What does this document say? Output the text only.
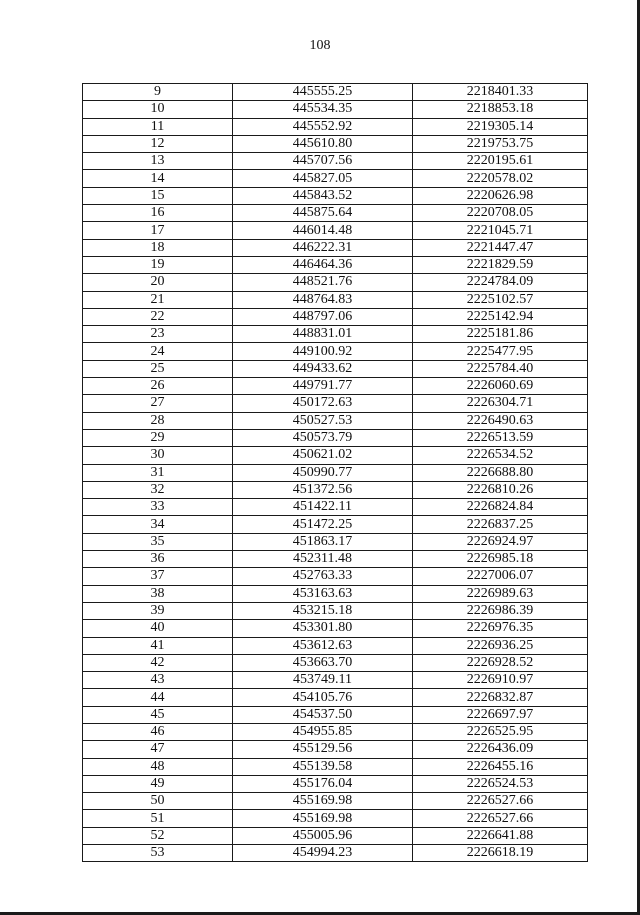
108
9	445555.25	2218401.33
10	445534.35	2218853.18
11	445552.92	2219305.14
12	445610.80	2219753.75
13	445707.56	2220195.61
14	445827.05	2220578.02
15	445843.52	2220626.98
16	445875.64	2220708.05
17	446014.48	2221045.71
18	446222.31	2221447.47
19	446464.36	2221829.59
20	448521.76	2224784.09
21	448764.83	2225102.57
22	448797.06	2225142.94
23	448831.01	2225181.86
24	449100.92	2225477.95
25	449433.62	2225784.40
26	449791.77	2226060.69
27	450172.63	2226304.71
28	450527.53	2226490.63
29	450573.79	2226513.59
30	450621.02	2226534.52
31	450990.77	2226688.80
32	451372.56	2226810.26
33	451422.11	2226824.84
34	451472.25	2226837.25
35	451863.17	2226924.97
36	452311.48	2226985.18
37	452763.33	2227006.07
38	453163.63	2226989.63
39	453215.18	2226986.39
40	453301.80	2226976.35
41	453612.63	2226936.25
42	453663.70	2226928.52
43	453749.11	2226910.97
44	454105.76	2226832.87
45	454537.50	2226697.97
46	454955.85	2226525.95
47	455129.56	2226436.09
48	455139.58	2226455.16
49	455176.04	2226524.53
50	455169.98	2226527.66
51	455169.98	2226527.66
52	455005.96	2226641.88
53	454994.23	2226618.19
